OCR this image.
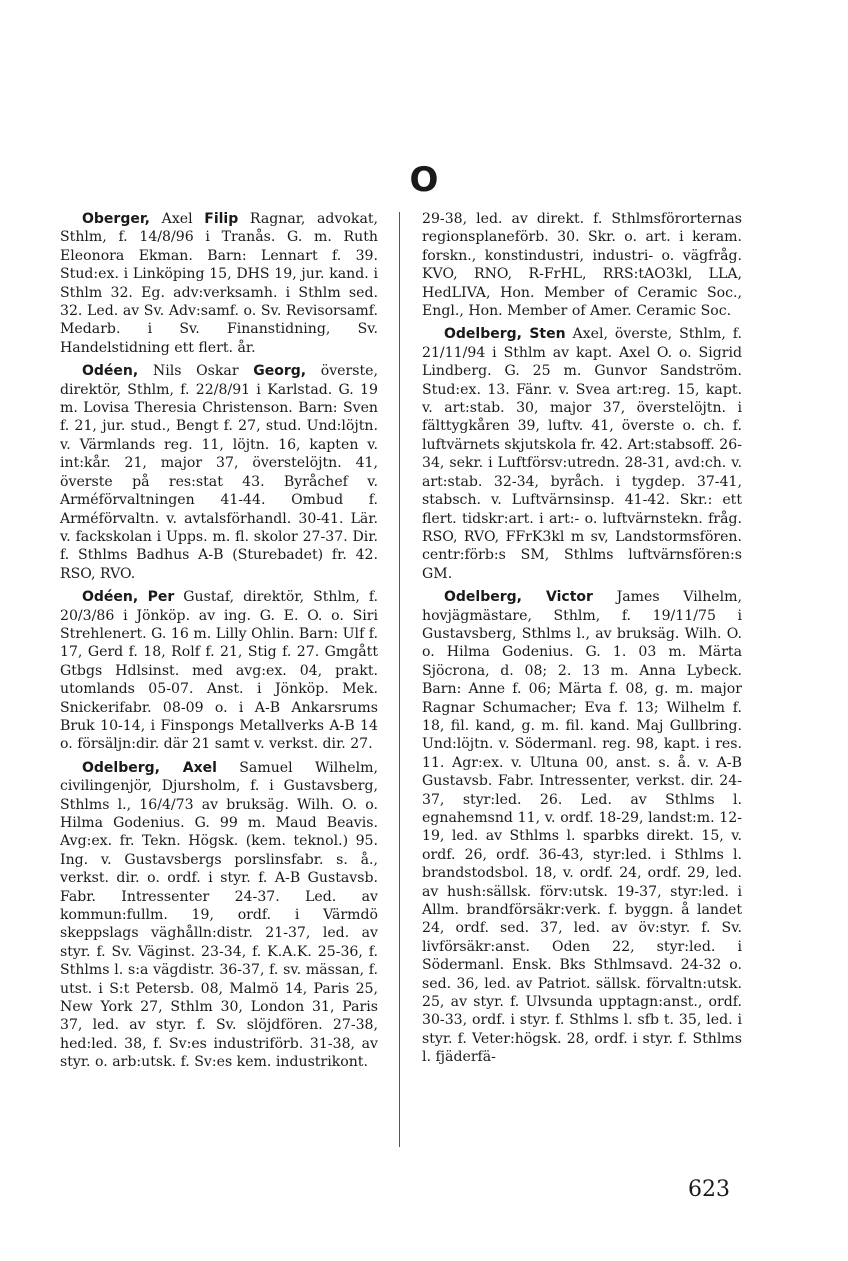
O

Oberger, Axel Filip Ragnar, advokat, Sthlm, f. 14/8/96 i Tranås. G. m. Ruth Eleonora Ekman. Barn: Lennart f. 39. Stud:ex. i Linköping 15, DHS 19, jur. kand. i Sthlm 32. Eg. adv:verksamh. i Sthlm sed. 32. Led. av Sv. Adv:samf. o. Sv. Revisorsamf. Medarb. i Sv. Finanstidning, Sv. Handelstidning ett flert. år.

Odéen, Nils Oskar Georg, överste, direktör, Sthlm, f. 22/8/91 i Karlstad. G. 19 m. Lovisa Theresia Christenson. Barn: Sven f. 21, jur. stud., Bengt f. 27, stud. Und:löjtn. v. Värmlands reg. 11, löjtn. 16, kapten v. int:kår. 21, major 37, överstelöjtn. 41, överste på res:stat 43. Byråchef v. Arméförvaltningen 41-44. Ombud f. Arméförvaltn. v. avtalsförhandl. 30-41. Lär. v. fackskolan i Upps. m. fl. skolor 27-37. Dir. f. Sthlms Badhus A-B (Sturebadet) fr. 42. RSO, RVO.

Odéen, Per Gustaf, direktör, Sthlm, f. 20/3/86 i Jönköp. av ing. G. E. O. o. Siri Strehlenert. G. 16 m. Lilly Ohlin. Barn: Ulf f. 17, Gerd f. 18, Rolf f. 21, Stig f. 27. Gmgått Gtbgs Hdlsinst. med avg:ex. 04, prakt. utomlands 05-07. Anst. i Jönköp. Mek. Snickerifabr. 08-09 o. i A-B Ankarsrums Bruk 10-14, i Finspongs Metallverks A-B 14 o. försäljn:dir. där 21 samt v. verkst. dir. 27.

Odelberg, Axel Samuel Wilhelm, civilingenjör, Djursholm, f. i Gustavsberg, Sthlms l., 16/4/73 av bruksäg. Wilh. O. o. Hilma Godenius. G. 99 m. Maud Beavis. Avg:ex. fr. Tekn. Högsk. (kem. teknol.) 95. Ing. v. Gustavsbergs porslinsfabr. s. å., verkst. dir. o. ordf. i styr. f. A-B Gustavsb. Fabr. Intressenter 24-37. Led. av kommun:fullm. 19, ordf. i Värmdö skeppslags väghålln:distr. 21-37, led. av styr. f. Sv. Väginst. 23-34, f. K.A.K. 25-36, f. Sthlms l. s:a vägdistr. 36-37, f. sv. mässan, f. utst. i S:t Petersb. 08, Malmö 14, Paris 25, New York 27, Sthlm 30, London 31, Paris 37, led. av styr. f. Sv. slöjdfören. 27-38, hed:led. 38, f. Sv:es industriförb. 31-38, av styr. o. arb:utsk. f. Sv:es kem. industrikont.

29-38, led. av direkt. f. Sthlmsförorternas regionsplaneförb. 30. Skr. o. art. i keram. forskn., konstindustri, industri- o. vägfråg. KVO, RNO, R-FrHL, RRS:tAO3kl, LLA, HedLIVA, Hon. Member of Ceramic Soc., Engl., Hon. Member of Amer. Ceramic Soc.

Odelberg, Sten Axel, överste, Sthlm, f. 21/11/94 i Sthlm av kapt. Axel O. o. Sigrid Lindberg. G. 25 m. Gunvor Sandström. Stud:ex. 13. Fänr. v. Svea art:reg. 15, kapt. v. art:stab. 30, major 37, överstelöjtn. i fälttygkåren 39, luftv. 41, överste o. ch. f. luftvärnets skjutskola fr. 42. Art:stabsoff. 26-34, sekr. i Luftförsv:utredn. 28-31, avd:ch. v. art:stab. 32-34, byråch. i tygdep. 37-41, stabsch. v. Luftvärnsinsp. 41-42. Skr.: ett flert. tidskr:art. i art:- o. luftvärnstekn. fråg. RSO, RVO, FFrK3kl m sv, Landstormsfören. centr:förb:s SM, Sthlms luftvärnsfören:s GM.

Odelberg, Victor James Vilhelm, hovjägmästare, Sthlm, f. 19/11/75 i Gustavsberg, Sthlms l., av bruksäg. Wilh. O. o. Hilma Godenius. G. 1. 03 m. Märta Sjöcrona, d. 08; 2. 13 m. Anna Lybeck. Barn: Anne f. 06; Märta f. 08, g. m. major Ragnar Schumacher; Eva f. 13; Wilhelm f. 18, fil. kand, g. m. fil. kand. Maj Gullbring. Und:löjtn. v. Södermanl. reg. 98, kapt. i res. 11. Agr:ex. v. Ultuna 00, anst. s. å. v. A-B Gustavsb. Fabr. Intressenter, verkst. dir. 24-37, styr:led. 26. Led. av Sthlms l. egnahemsnd 11, v. ordf. 18-29, landst:m. 12-19, led. av Sthlms l. sparbks direkt. 15, v. ordf. 26, ordf. 36-43, styr:led. i Sthlms l. brandstodsbol. 18, v. ordf. 24, ordf. 29, led. av hush:sällsk. förv:utsk. 19-37, styr:led. i Allm. brandförsäkr:verk. f. byggn. å landet 24, ordf. sed. 37, led. av öv:styr. f. Sv. livförsäkr:anst. Oden 22, styr:led. i Södermanl. Ensk. Bks Sthlmsavd. 24-32 o. sed. 36, led. av Patriot. sällsk. förvaltn:utsk. 25, av styr. f. Ulvsunda upptagn:anst., ordf. 30-33, ordf. i styr. f. Sthlms l. sfb t. 35, led. i styr. f. Veter:högsk. 28, ordf. i styr. f. Sthlms l. fjäderfä-

623
